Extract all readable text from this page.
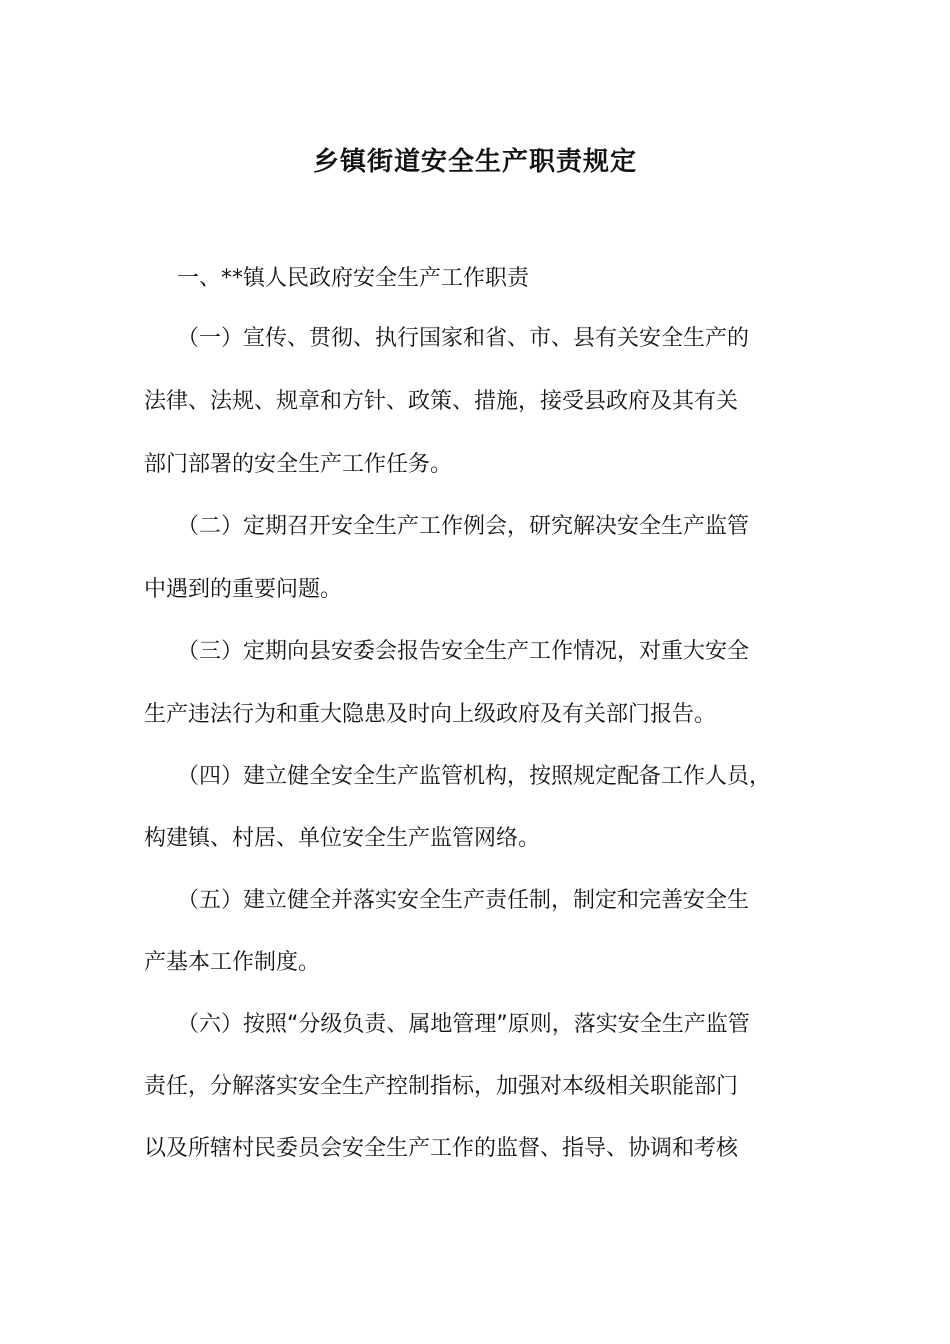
乡镇街道安全生产职责规定

一、**镇人民政府安全生产工作职责

（一）宣传、贯彻、执行国家和省、市、县有关安全生产的

法律、法规、规章和方针、政策、措施，接受县政府及其有关

部门部署的安全生产工作任务。

（二）定期召开安全生产工作例会，研究解决安全生产监管

中遇到的重要问题。

（三）定期向县安委会报告安全生产工作情况，对重大安全

生产违法行为和重大隐患及时向上级政府及有关部门报告。

（四）建立健全安全生产监管机构，按照规定配备工作人员，

构建镇、村居、单位安全生产监管网络。

（五）建立健全并落实安全生产责任制，制定和完善安全生

产基本工作制度。

（六）按照“分级负责、属地管理”原则，落实安全生产监管

责任，分解落实安全生产控制指标，加强对本级相关职能部门

以及所辖村民委员会安全生产工作的监督、指导、协调和考核
